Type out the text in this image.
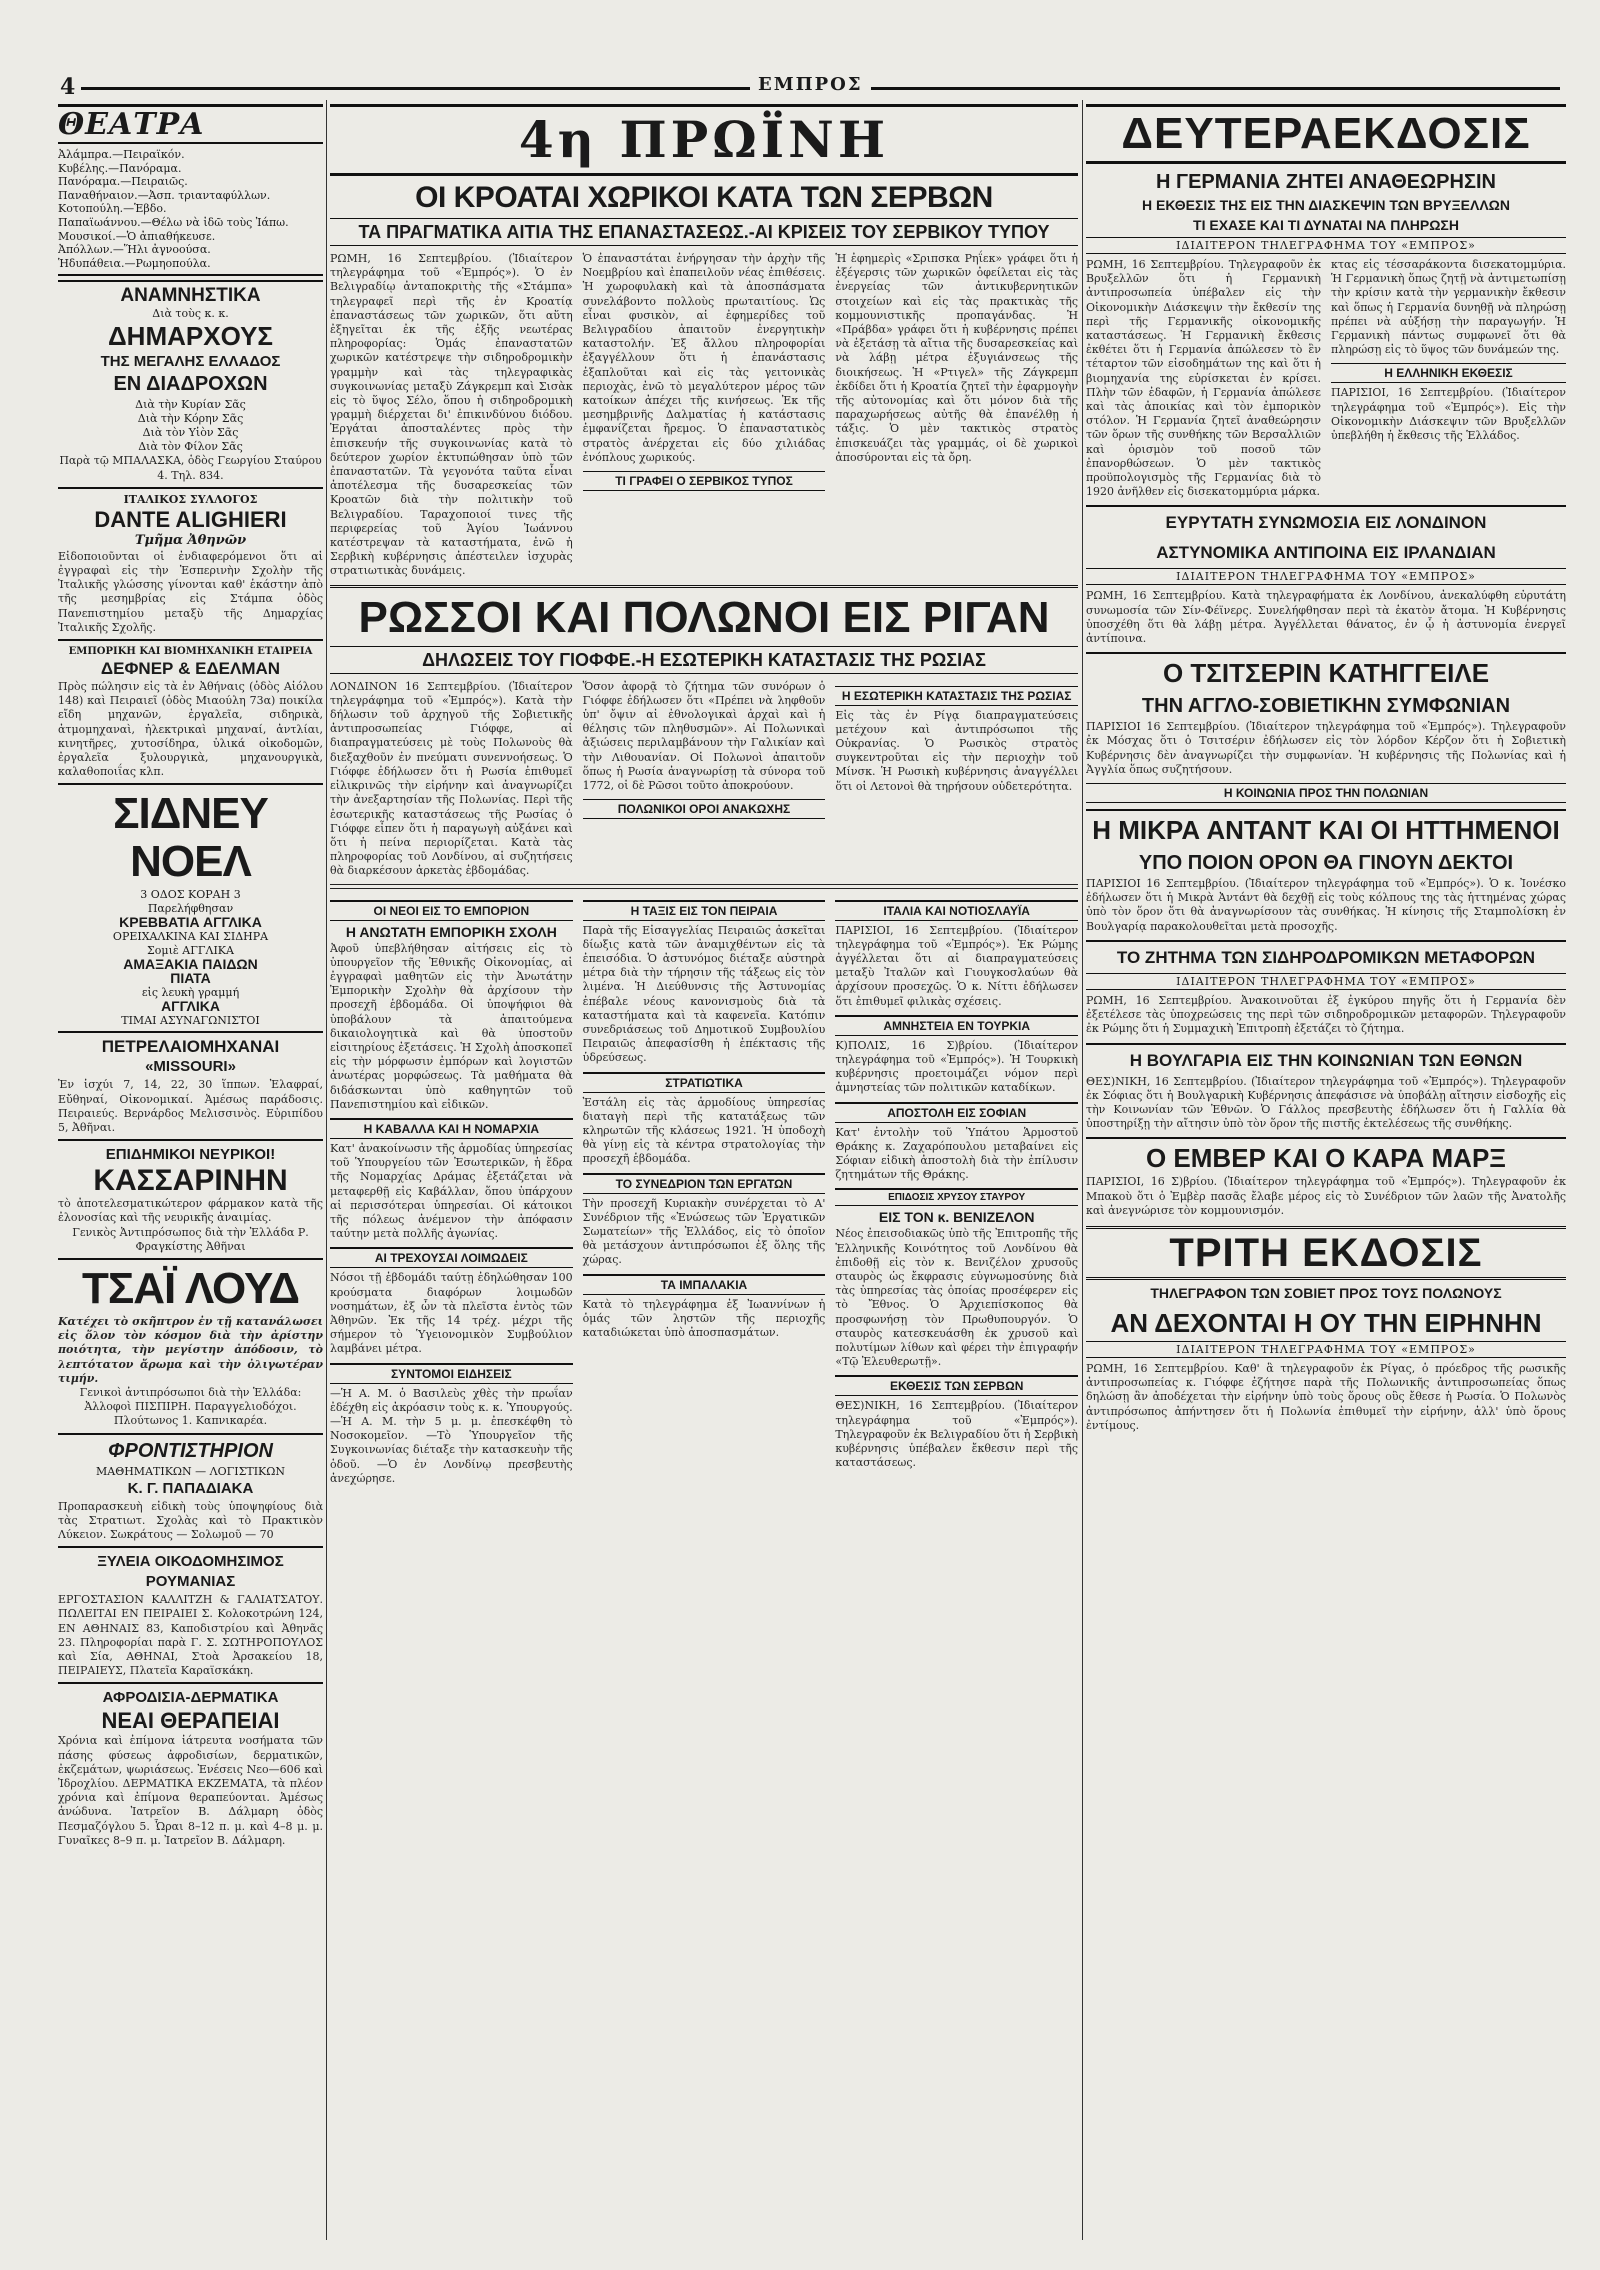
4	ΕΜΠΡΟΣ
ΘΕΑΤΡΑ
Ἀλάμπρα.—Πειραϊκόν.
Κυβέλης.—Πανόραμα.
Πανόραμα.—Πειραιῶς.
Παναθήναιον.—Ἀσπ. τριανταφύλλων.
Κοτοπούλη.—Ἑβδο.
Παπαϊωάννου.—Θέλω νὰ ἰδῶ τοὺς Ἰάπω.
Μουσικοί.—Ὁ ἀπιαθήκευσε.
Ἀπόλλων.—Ἥλι ἀγνοούσα.
Ἡδυπάθεια.—Ρωμηοπούλα.
ΑΝΑΜΝΗΣΤΙΚΑ
Διὰ τοὺς κ. κ.
ΔΗΜΑΡΧΟΥΣ
ΤΗΣ ΜΕΓΑΛΗΣ ΕΛΛΑΔΟΣ
ΕΝ ΔΙΑΔΡΟΧΩΝ
Διὰ τὴν Κυρίαν Σᾶς
Διὰ τὴν Κόρην Σᾶς
Διὰ τὸν Υἱὸν Σᾶς
Διὰ τὸν Φίλον Σᾶς

Παρὰ τῷ ΜΠΑΛΑΣΚΑ, ὁδὸς Γεωργίου Σταύρου 4. Τηλ. 834.

ΙΤΑΛΙΚΟΣ ΣΥΛΛΟΓΟΣ
DANTE ALIGHIERI
Τμῆμα Ἀθηνῶν

Εἰδοποιοῦνται οἱ ἐνδιαφερόμενοι ὅτι αἱ ἐγγραφαὶ εἰς τὴν Ἑσπερινὴν Σχολὴν τῆς Ἰταλικῆς γλώσσης γίνονται καθ' ἑκάστην ἀπὸ τῆς μεσημβρίας εἰς Στάμπα ὁδὸς Πανεπιστημίου μεταξὺ τῆς Δημαρχίας Ἰταλικῆς Σχολῆς.

ΕΜΠΟΡΙΚΗ ΚΑΙ ΒΙΟΜΗΧΑΝΙΚΗ ΕΤΑΙΡΕΙΑ
ΔΕΦΝΕΡ & ΕΔΕΛΜΑΝ

Πρὸς πώλησιν εἰς τὰ ἐν Ἀθήναις (ὁδὸς Αἰόλου 148) καὶ Πειραιεῖ (ὁδὸς Μιαούλη 73α) ποικίλα εἴδη μηχανῶν, ἐργαλεῖα, σιδηρικὰ, ἀτμομηχαναὶ, ἠλεκτρικαὶ μηχαναί, ἀντλίαι, κινητῆρες, χυτοσίδηρα, ὑλικά οἰκοδομῶν, ἐργαλεῖα ξυλουργικὰ, μηχανουργικὰ, καλαθοποιΐας κλπ.

ΣΙΔΝΕΥ ΝΟΕΛ
3 ΟΔΟΣ ΚΟΡΑΗ 3
Παρελήφθησαν
ΚΡΕΒΒΑΤΙΑ ΑΓΓΛΙΚΑ
ΟΡΕΙΧΑΛΚΙΝΑ ΚΑΙ ΣΙΔΗΡΑ
Σομιὲ ΑΓΓΛΙΚΑ
ΑΜΑΞΑΚΙΑ ΠΑΙΔΩΝ
ΠΙΑΤΑ
εἰς λευκὴ γραμμή
ΑΓΓΛΙΚΑ
ΤΙΜΑΙ ΑΣΥΝΑΓΩΝΙΣΤΟΙ
ΠΕΤΡΕΛΑΙΟΜΗΧΑΝΑΙ
«MISSOURI»

Ἐν ἰσχύι 7, 14, 22, 30 ἵππων. Ἐλαφραί, Εὔθηναί, Οἰκονομικαί. Ἀμέσως παράδοσις. Πειραιεύς. Βερνάρδος Μελισσινὸς. Εὐριπίδου 5, Ἀθῆναι.

ΕΠΙΔΗΜΙΚΟΙ ΝΕΥΡΙΚΟΙ!
ΚΑΣΣΑΡΙΝΗΝ

τὸ ἀποτελεσματικώτερον φάρμακον κατὰ τῆς ἐλονοσίας καὶ τῆς νευρικῆς ἀναιμίας.

Γενικὸς Ἀντιπρόσωπος διὰ τὴν Ἑλλάδα Ρ. Φραγκίστης Ἀθῆναι

ΤΣΑΪ ΛΟΥΔ

Κατέχει τὸ σκῆπτρον ἐν τῇ κατανάλωσει εἰς ὅλον τὸν κόσμον διὰ τὴν ἀρίστην ποιότητα, τὴν μεγίστην ἀπόδοσιν, τὸ λεπτότατον ἄρωμα καὶ τὴν ὀλιγωτέραν τιμήν.

Γενικοὶ ἀντιπρόσωποι διὰ τὴν Ἑλλάδα: Ἀλλοφοὶ ΠΙΣΠΙΡΗ. Παραγγελιοδόχοι. Πλούτωνος 1. Καπνικαρέα.

ΦΡΟΝΤΙΣΤΗΡΙΟΝ
ΜΑΘΗΜΑΤΙΚΩΝ — ΛΟΓΙΣΤΙΚΩΝ
Κ. Γ. ΠΑΠΑΔΙΑΚΑ

Προπαρασκευὴ εἰδικὴ τοὺς ὑποψηφίους διὰ τὰς Στρατιωτ. Σχολὰς καὶ τὸ Πρακτικὸν Λύκειον. Σωκράτους — Σολωμοῦ — 70

ΞΥΛΕΙΑ ΟΙΚΟΔΟΜΗΣΙΜΟΣ
ΡΟΥΜΑΝΙΑΣ

ΕΡΓΟΣΤΑΣΙΟΝ ΚΑΛΛΙΤΖΗ & ΓΑΛΙΑΤΣΑΤΟΥ. ΠΩΛΕΙΤΑΙ ΕΝ ΠΕΙΡΑΙΕΙ Σ. Κολοκοτρώνη 124, ΕΝ ΑΘΗΝΑΙΣ 83, Καποδιστρίου καὶ Ἀθηνᾶς 23. Πληροφορίαι παρὰ Γ. Σ. ΣΩΤΗΡΟΠΟΥΛΟΣ καὶ Σία, ΑΘΗΝΑΙ, Στοὰ Ἀρσακείου 18, ΠΕΙΡΑΙΕΥΣ, Πλατεῖα Καραϊσκάκη.

ΑΦΡΟΔΙΣΙΑ-ΔΕΡΜΑΤΙΚΑ
ΝΕΑΙ ΘΕΡΑΠΕΙΑΙ

Χρόνια καὶ ἐπίμονα ἰάτρευτα νοσήματα τῶν πάσης φύσεως ἀφροδισίων, δερματικῶν, ἐκζεμάτων, ψωριάσεως. Ἐνέσεις Νεο—606 καὶ Ἰδροχλίου. ΔΕΡΜΑΤΙΚΑ ΕΚΖΕΜΑΤΑ, τὰ πλέον χρόνια καὶ ἐπίμονα θεραπεύονται. Ἀμέσως ἀνώδυνα. Ἰατρεῖον Β. Δάλμαρη ὁδὸς Πεσμαζόγλου 5. Ὧραι 8–12 π. μ. καὶ 4–8 μ. μ. Γυναῖκες 8–9 π. μ. Ἰατρεῖον Β. Δάλμαρη.

4η ΠΡΩΪΝΗ
ΟΙ ΚΡΟΑΤΑΙ ΧΩΡΙΚΟΙ ΚΑΤΑ ΤΩΝ ΣΕΡΒΩΝ
ΤΑ ΠΡΑΓΜΑΤΙΚΑ ΑΙΤΙΑ ΤΗΣ ΕΠΑΝΑΣΤΑΣΕΩΣ.-ΑΙ ΚΡΙΣΕΙΣ ΤΟΥ ΣΕΡΒΙΚΟΥ ΤΥΠΟΥ

ΡΩΜΗ, 16 Σεπτεμβρίου. (Ἰδιαίτερον τηλεγράφημα τοῦ «Ἐμπρός»). Ὁ ἐν Βελιγραδίῳ ἀνταποκριτὴς τῆς «Στάμπα» τηλεγραφεῖ περὶ τῆς ἐν Κροατίᾳ ἐπαναστάσεως τῶν χωρικῶν, ὅτι αὕτη ἐξηγεῖται ἐκ τῆς ἐξῆς νεωτέρας πληροφορίας: Ὁμάς ἐπαναστατῶν χωρικῶν κατέστρεψε τὴν σιδηροδρομικὴν γραμμὴν καὶ τὰς τηλεγραφικὰς συγκοινωνίας μεταξὺ Ζάγκρεμπ καὶ Σισὰκ εἰς τὸ ὕψος Σέλο, ὅπου ἡ σιδηροδρομικὴ γραμμὴ διέρχεται δι' ἐπικινδύνου διόδου. Ἐργάται ἀποσταλέντες πρὸς τὴν ἐπισκευήν τῆς συγκοινωνίας κατὰ τὸ δεύτερον χωρίον ἐκτυπώθησαν ὑπὸ τῶν ἐπαναστατῶν. Τὰ γεγονότα ταῦτα εἶναι ἀποτέλεσμα τῆς δυσαρεσκείας τῶν Κροατῶν διὰ τὴν πολιτικὴν τοῦ Βελιγραδίου. Ταραχοποιοί τινες τῆς περιφερείας τοῦ Ἁγίου Ἰωάννου κατέστρεψαν τὰ καταστήματα, ἐνῶ ἡ Σερβικὴ κυβέρνησις ἀπέστειλεν ἰσχυρὰς στρατιωτικὰς δυνάμεις.

Ὁ ἐπαναστάται ἐνήργησαν τὴν ἀρχὴν τῆς Νοεμβρίου καὶ ἐπαπειλοῦν νέας ἐπιθέσεις. Ἡ χωροφυλακὴ καὶ τὰ ἀποσπάσματα συνελάβοντο πολλοὺς πρωταιτίους. Ὡς εἶναι φυσικὸν, αἱ ἐφημερίδες τοῦ Βελιγραδίου ἀπαιτοῦν ἐνεργητικὴν καταστολήν. Ἐξ ἄλλου πληροφορίαι ἐξαγγέλλουν ὅτι ἡ ἐπανάστασις ἐξαπλοῦται καὶ εἰς τὰς γειτονικὰς περιοχὰς, ἐνῶ τὸ μεγαλύτερον μέρος τῶν κατοίκων ἀπέχει τῆς κινήσεως. Ἐκ τῆς μεσημβρινῆς Δαλματίας ἡ κατάστασις ἐμφανίζεται ἤρεμος. Ὁ ἐπαναστατικὸς στρατὸς ἀνέρχεται εἰς δύο χιλιάδας ἐνόπλους χωρικούς.

ΤΙ ΓΡΑΦΕΙ Ο ΣΕΡΒΙΚΟΣ ΤΥΠΟΣ

Ἡ ἐφημερὶς «Σριπσκα Ρηΐεκ» γράφει ὅτι ἡ ἐξέγερσις τῶν χωρικῶν ὀφείλεται εἰς τὰς ἐνεργείας τῶν ἀντικυβερνητικῶν στοιχείων καὶ εἰς τὰς πρακτικὰς τῆς κομμουνιστικῆς προπαγάνδας. Ἡ «Πράβδα» γράφει ὅτι ἡ κυβέρνησις πρέπει νὰ ἐξετάσῃ τὰ αἴτια τῆς δυσαρεσκείας καὶ νὰ λάβῃ μέτρα ἐξυγιάνσεως τῆς διοικήσεως. Ἡ «Ρτιγελ» τῆς Ζάγκρεμπ ἐκδίδει ὅτι ἡ Κροατία ζητεῖ τὴν ἐφαρμογὴν τῆς αὐτονομίας καὶ ὅτι μόνον διὰ τῆς παραχωρήσεως αὐτῆς θὰ ἐπανέλθῃ ἡ τάξις. Ὁ μὲν τακτικὸς στρατὸς ἐπισκευάζει τὰς γραμμάς, οἱ δὲ χωρικοὶ ἀποσύρονται εἰς τὰ ὄρη.

ΡΩΣΣΟΙ ΚΑΙ ΠΟΛΩΝΟΙ ΕΙΣ ΡΙΓΑΝ
ΔΗΛΩΣΕΙΣ ΤΟΥ ΓΙΟΦΦΕ.-Η ΕΣΩΤΕΡΙΚΗ ΚΑΤΑΣΤΑΣΙΣ ΤΗΣ ΡΩΣΙΑΣ

ΛΟΝΔΙΝΟΝ 16 Σεπτεμβρίου. (Ἰδιαίτερον τηλεγράφημα τοῦ «Ἐμπρός»). Κατὰ τὴν δήλωσιν τοῦ ἀρχηγοῦ τῆς Σοβιετικῆς ἀντιπροσωπείας Γιόφφε, αἱ διαπραγματεύσεις μὲ τοὺς Πολωνοὺς θὰ διεξαχθοῦν ἐν πνεύματι συνεννοήσεως. Ὁ Γιόφφε ἐδήλωσεν ὅτι ἡ Ρωσία ἐπιθυμεῖ εἰλικρινῶς τὴν εἰρήνην καὶ ἀναγνωρίζει τὴν ἀνεξαρτησίαν τῆς Πολωνίας. Περὶ τῆς ἐσωτερικῆς καταστάσεως τῆς Ρωσίας ὁ Γιόφφε εἶπεν ὅτι ἡ παραγωγὴ αὐξάνει καὶ ὅτι ἡ πείνα περιορίζεται. Κατὰ τὰς πληροφορίας τοῦ Λονδίνου, αἱ συζητήσεις θὰ διαρκέσουν ἀρκετὰς ἑβδομάδας.

Ὅσον ἀφορᾷ τὸ ζήτημα τῶν συνόρων ὁ Γιόφφε ἐδήλωσεν ὅτι «Πρέπει νὰ ληφθοῦν ὑπ' ὄψιν αἱ ἐθνολογικαὶ ἀρχαὶ καὶ ἡ θέλησις τῶν πληθυσμῶν». Αἱ Πολωνικαὶ ἀξιώσεις περιλαμβάνουν τὴν Γαλικίαν καὶ τὴν Λιθουανίαν. Οἱ Πολωνοὶ ἀπαιτοῦν ὅπως ἡ Ρωσία ἀναγνωρίσῃ τὰ σύνορα τοῦ 1772, οἱ δὲ Ρῶσοι τοῦτο ἀποκρούουν.

ΠΟΛΩΝΙΚΟΙ ΟΡΟΙ ΑΝΑΚΩΧΗΣ
Η ΕΣΩΤΕΡΙΚΗ ΚΑΤΑΣΤΑΣΙΣ ΤΗΣ ΡΩΣΙΑΣ

Εἰς τὰς ἐν Ρίγᾳ διαπραγματεύσεις μετέχουν καὶ ἀντιπρόσωποι τῆς Οὐκρανίας. Ὁ Ρωσικὸς στρατὸς συγκεντροῦται εἰς τὴν περιοχὴν τοῦ Μίνσκ. Ἡ Ρωσικὴ κυβέρνησις ἀναγγέλλει ὅτι οἱ Λετονοὶ θὰ τηρήσουν οὐδετερότητα.

ΟΙ ΝΕΟΙ ΕΙΣ ΤΟ ΕΜΠΟΡΙΟΝ
Η ΑΝΩΤΑΤΗ ΕΜΠΟΡΙΚΗ ΣΧΟΛΗ

Ἀφοῦ ὑπεβλήθησαν αἰτήσεις εἰς τὸ ὑπουργεῖον τῆς Ἐθνικῆς Οἰκονομίας, αἱ ἐγγραφαὶ μαθητῶν εἰς τὴν Ἀνωτάτην Ἐμπορικὴν Σχολὴν θὰ ἀρχίσουν τὴν προσεχῆ ἑβδομάδα. Οἱ ὑποψήφιοι θὰ ὑποβάλουν τὰ ἀπαιτούμενα δικαιολογητικὰ καὶ θὰ ὑποστοῦν εἰσιτηρίους ἐξετάσεις. Ἡ Σχολὴ ἀποσκοπεῖ εἰς τὴν μόρφωσιν ἐμπόρων καὶ λογιστῶν ἀνωτέρας μορφώσεως. Τὰ μαθήματα θὰ διδάσκωνται ὑπὸ καθηγητῶν τοῦ Πανεπιστημίου καὶ εἰδικῶν.

Η ΚΑΒΑΛΛΑ ΚΑΙ Η ΝΟΜΑΡΧΙΑ

Κατ' ἀνακοίνωσιν τῆς ἁρμοδίας ὑπηρεσίας τοῦ Ὑπουργείου τῶν Ἐσωτερικῶν, ἡ ἕδρα τῆς Νομαρχίας Δράμας ἐξετάζεται νὰ μεταφερθῇ εἰς Καβάλλαν, ὅπου ὑπάρχουν αἱ περισσότεραι ὑπηρεσίαι. Οἱ κάτοικοι τῆς πόλεως ἀνέμενον τὴν ἀπόφασιν ταύτην μετὰ πολλῆς ἀγωνίας.

ΑΙ ΤΡΕΧΟΥΣΑΙ ΛΟΙΜΩΔΕΙΣ

Νόσοι τῇ ἑβδομάδι ταύτῃ ἐδηλώθησαν 100 κρούσματα διαφόρων λοιμωδῶν νοσημάτων, ἐξ ὧν τὰ πλεῖστα ἐντὸς τῶν Ἀθηνῶν. Ἐκ τῆς 14 τρέχ. μέχρι τῆς σήμερον τὸ Ὑγειονομικὸν Συμβούλιον λαμβάνει μέτρα.

ΣΥΝΤΟΜΟΙ ΕΙΔΗΣΕΙΣ

—Ἡ Α. Μ. ὁ Βασιλεὺς χθὲς τὴν πρωΐαν ἐδέχθη εἰς ἀκρόασιν τοὺς κ. κ. Ὑπουργούς. —Ἡ Α. Μ. τὴν 5 μ. μ. ἐπεσκέφθη τὸ Νοσοκομεῖον. —Τὸ Ὑπουργεῖον τῆς Συγκοινωνίας διέταξε τὴν κατασκευὴν τῆς ὁδοῦ. —Ὁ ἐν Λονδίνῳ πρεσβευτὴς ἀνεχώρησε.

Η ΤΑΞΙΣ ΕΙΣ ΤΟΝ ΠΕΙΡΑΙΑ

Παρὰ τῆς Εἰσαγγελίας Πειραιῶς ἀσκεῖται δίωξις κατὰ τῶν ἀναμιχθέντων εἰς τὰ ἐπεισόδια. Ὁ ἀστυνόμος διέταξε αὐστηρὰ μέτρα διὰ τὴν τήρησιν τῆς τάξεως εἰς τὸν λιμένα. Ἡ Διεύθυνσις τῆς Ἀστυνομίας ἐπέβαλε νέους κανονισμοὺς διὰ τὰ καταστήματα καὶ τὰ καφενεῖα. Κατόπιν συνεδριάσεως τοῦ Δημοτικοῦ Συμβουλίου Πειραιῶς ἀπεφασίσθη ἡ ἐπέκτασις τῆς ὑδρεύσεως.

ΣΤΡΑΤΙΩΤΙΚΑ

Ἐστάλη εἰς τὰς ἁρμοδίους ὑπηρεσίας διαταγὴ περὶ τῆς κατατάξεως τῶν κληρωτῶν τῆς κλάσεως 1921. Ἡ ὑποδοχὴ θὰ γίνῃ εἰς τὰ κέντρα στρατολογίας τὴν προσεχῆ ἑβδομάδα.

ΤΟ ΣΥΝΕΔΡΙΟΝ ΤΩΝ ΕΡΓΑΤΩΝ

Τὴν προσεχῆ Κυριακὴν συνέρχεται τὸ Α' Συνέδριον τῆς «Ἑνώσεως τῶν Ἐργατικῶν Σωματείων» τῆς Ἑλλάδος, εἰς τὸ ὁποῖον θὰ μετάσχουν ἀντιπρόσωποι ἐξ ὅλης τῆς χώρας.

ΤΑ ΙΜΠΑΛΑΚΙΑ

Κατὰ τὸ τηλεγράφημα ἐξ Ἰωαννίνων ἡ ὁμάς τῶν ληστῶν τῆς περιοχῆς καταδιώκεται ὑπὸ ἀποσπασμάτων.

ΙΤΑΛΙΑ ΚΑΙ ΝΟΤΙΟΣΛΑΥΪΑ

ΠΑΡΙΣΙΟΙ, 16 Σεπτεμβρίου. (Ἰδιαίτερον τηλεγράφημα τοῦ «Ἐμπρός»). Ἐκ Ρώμης ἀγγέλλεται ὅτι αἱ διαπραγματεύσεις μεταξὺ Ἰταλῶν καὶ Γιουγκοσλαύων θὰ ἀρχίσουν προσεχῶς. Ὁ κ. Νίττι ἐδήλωσεν ὅτι ἐπιθυμεῖ φιλικὰς σχέσεις.

ΑΜΝΗΣΤΕΙΑ ΕΝ ΤΟΥΡΚΙΑ

Κ)ΠΟΛΙΣ, 16 Σ)βρίου. (Ἰδιαίτερον τηλεγράφημα τοῦ «Ἐμπρός»). Ἡ Τουρκικὴ κυβέρνησις προετοιμάζει νόμον περὶ ἀμνηστείας τῶν πολιτικῶν καταδίκων.

ΑΠΟΣΤΟΛΗ ΕΙΣ ΣΟΦΙΑΝ

Κατ' ἐντολὴν τοῦ Ὑπάτου Ἁρμοστοῦ Θράκης κ. Ζαχαρόπουλου μεταβαίνει εἰς Σόφιαν εἰδικὴ ἀποστολὴ διὰ τὴν ἐπίλυσιν ζητημάτων τῆς Θράκης.

ΕΠΙΔΟΣΙΣ ΧΡΥΣΟΥ ΣΤΑΥΡΟΥ
ΕΙΣ ΤΟΝ κ. ΒΕΝΙΖΕΛΟΝ

Νέος ἐπεισοδιακῶς ὑπὸ τῆς Ἐπιτροπῆς τῆς Ἑλληνικῆς Κοινότητος τοῦ Λονδίνου θὰ ἐπιδοθῇ εἰς τὸν κ. Βενιζέλον χρυσοῦς σταυρὸς ὡς ἔκφρασις εὐγνωμοσύνης διὰ τὰς ὑπηρεσίας τὰς ὁποίας προσέφερεν εἰς τὸ Ἔθνος. Ὁ Ἀρχιεπίσκοπος θὰ προσφωνήσῃ τὸν Πρωθυπουργόν. Ὁ σταυρὸς κατεσκευάσθη ἐκ χρυσοῦ καὶ πολυτίμων λίθων καὶ φέρει τὴν ἐπιγραφήν «Τῷ Ἐλευθερωτῇ».

ΕΚΘΕΣΙΣ ΤΩΝ ΣΕΡΒΩΝ

ΘΕΣ)ΝΙΚΗ, 16 Σεπτεμβρίου. (Ἰδιαίτερον τηλεγράφημα τοῦ «Ἐμπρός»). Τηλεγραφοῦν ἐκ Βελιγραδίου ὅτι ἡ Σερβικὴ κυβέρνησις ὑπέβαλεν ἔκθεσιν περὶ τῆς καταστάσεως.

ΔΕΥΤΕΡΑΕΚΔΟΣΙΣ
Η ΓΕΡΜΑΝΙΑ ΖΗΤΕΙ ΑΝΑΘΕΩΡΗΣΙΝ
Η ΕΚΘΕΣΙΣ ΤΗΣ ΕΙΣ ΤΗΝ ΔΙΑΣΚΕΨΙΝ ΤΩΝ ΒΡΥΞΕΛΛΩΝ
ΤΙ ΕΧΑΣΕ ΚΑΙ ΤΙ ΔΥΝΑΤΑΙ ΝΑ ΠΛΗΡΩΣΗ
ΙΔΙΑΙΤΕΡΟΝ ΤΗΛΕΓΡΑΦΗΜΑ ΤΟΥ «ΕΜΠΡΟΣ»

ΡΩΜΗ, 16 Σεπτεμβρίου. Τηλεγραφοῦν ἐκ Βρυξελλῶν ὅτι ἡ Γερμανικὴ ἀντιπροσωπεία ὑπέβαλεν εἰς τὴν Οἰκονομικὴν Διάσκεψιν τὴν ἔκθεσίν της περὶ τῆς Γερμανικῆς οἰκονομικῆς καταστάσεως. Ἡ Γερμανικὴ ἔκθεσις ἐκθέτει ὅτι ἡ Γερμανία ἀπώλεσεν τὸ ἓν τέταρτον τῶν εἰσοδημάτων της καὶ ὅτι ἡ βιομηχανία της εὑρίσκεται ἐν κρίσει. Πλὴν τῶν ἐδαφῶν, ἡ Γερμανία ἀπώλεσε καὶ τὰς ἀποικίας καὶ τὸν ἐμπορικὸν στόλον. Ἡ Γερμανία ζητεῖ ἀναθεώρησιν τῶν ὅρων τῆς συνθήκης τῶν Βερσαλλιῶν καὶ ὁρισμὸν τοῦ ποσοῦ τῶν ἐπανορθώσεων. Ὁ μὲν τακτικὸς προϋπολογισμὸς τῆς Γερμανίας διὰ τὸ 1920 ἀνῆλθεν εἰς δισεκατομμύρια μάρκα.

κτας εἰς τέσσαράκοντα δισεκατομμύρια. Ἡ Γερμανικὴ ὅπως ζητῇ νὰ ἀντιμετωπίσῃ τὴν κρίσιν κατὰ τὴν γερμανικὴν ἔκθεσιν καὶ ὅπως ἡ Γερμανία δυνηθῇ νὰ πληρώσῃ πρέπει νὰ αὐξήσῃ τὴν παραγωγήν. Ἡ Γερμανικὴ πάντως συμφωνεῖ ὅτι θὰ πληρώσῃ εἰς τὸ ὕψος τῶν δυνάμεών της.

Η ΕΛΛΗΝΙΚΗ ΕΚΘΕΣΙΣ

ΠΑΡΙΣΙΟΙ, 16 Σεπτεμβρίου. (Ἰδιαίτερον τηλεγράφημα τοῦ «Ἐμπρός»). Εἰς τὴν Οἰκονομικὴν Διάσκεψιν τῶν Βρυξελλῶν ὑπεβλήθη ἡ ἔκθεσις τῆς Ἑλλάδος.

ΕΥΡΥΤΑΤΗ ΣΥΝΩΜΟΣΙΑ ΕΙΣ ΛΟΝΔΙΝΟΝ
ΑΣΤΥΝΟΜΙΚΑ ΑΝΤΙΠΟΙΝΑ ΕΙΣ ΙΡΛΑΝΔΙΑΝ
ΙΔΙΑΙΤΕΡΟΝ ΤΗΛΕΓΡΑΦΗΜΑ ΤΟΥ «ΕΜΠΡΟΣ»

ΡΩΜΗ, 16 Σεπτεμβρίου. Κατὰ τηλεγραφήματα ἐκ Λονδίνου, ἀνεκαλύφθη εὐρυτάτη συνωμοσία τῶν Σίν-Φέϊνερς. Συνελήφθησαν περὶ τὰ ἑκατὸν ἄτομα. Ἡ Κυβέρνησις ὑποσχέθη ὅτι θὰ λάβῃ μέτρα. Ἀγγέλλεται θάνατος, ἐν ᾧ ἡ ἀστυνομία ἐνεργεῖ ἀντίποινα.

Ο ΤΣΙΤΣΕΡΙΝ ΚΑΤΗΓΓΕΙΛΕ
ΤΗΝ ΑΓΓΛΟ-ΣΟΒΙΕΤΙΚΗΝ ΣΥΜΦΩΝΙΑΝ

ΠΑΡΙΣΙΟΙ 16 Σεπτεμβρίου. (Ἰδιαίτερον τηλεγράφημα τοῦ «Ἐμπρός»). Τηλεγραφοῦν ἐκ Μόσχας ὅτι ὁ Τσιτσέριν ἐδήλωσεν εἰς τὸν λόρδον Κέρζον ὅτι ἡ Σοβιετικὴ Κυβέρνησις δὲν ἀναγνωρίζει τὴν συμφωνίαν. Ἡ κυβέρνησις τῆς Πολωνίας καὶ ἡ Ἀγγλία ὅπως συζητήσουν.

Η ΚΟΙΝΩΝΙΑ ΠΡΟΣ ΤΗΝ ΠΟΛΩΝΙΑΝ
Η ΜΙΚΡΑ ΑΝΤΑΝΤ ΚΑΙ ΟΙ ΗΤΤΗΜΕΝΟΙ
ΥΠΟ ΠΟΙΟΝ ΟΡΟΝ ΘΑ ΓΙΝΟΥΝ ΔΕΚΤΟΙ

ΠΑΡΙΣΙΟΙ 16 Σεπτεμβρίου. (Ἰδιαίτερον τηλεγράφημα τοῦ «Ἐμπρός»). Ὁ κ. Ἰονέσκο ἐδήλωσεν ὅτι ἡ Μικρὰ Ἀντάντ θὰ δεχθῇ εἰς τοὺς κόλπους της τὰς ἡττημένας χώρας ὑπὸ τὸν ὅρον ὅτι θὰ ἀναγνωρίσουν τὰς συνθήκας. Ἡ κίνησις τῆς Σταμπολίσκη ἐν Βουλγαρίᾳ παρακολουθεῖται μετὰ προσοχῆς.

ΤΟ ΖΗΤΗΜΑ ΤΩΝ ΣΙΔΗΡΟΔΡΟΜΙΚΩΝ ΜΕΤΑΦΟΡΩΝ
ΙΔΙΑΙΤΕΡΟΝ ΤΗΛΕΓΡΑΦΗΜΑ ΤΟΥ «ΕΜΠΡΟΣ»

ΡΩΜΗ, 16 Σεπτεμβρίου. Ἀνακοινοῦται ἐξ ἐγκύρου πηγῆς ὅτι ἡ Γερμανία δὲν ἐξετέλεσε τὰς ὑποχρεώσεις της περὶ τῶν σιδηροδρομικῶν μεταφορῶν. Τηλεγραφοῦν ἐκ Ρώμης ὅτι ἡ Συμμαχικὴ Ἐπιτροπὴ ἐξετάζει τὸ ζήτημα.

Η ΒΟΥΛΓΑΡΙΑ ΕΙΣ ΤΗΝ ΚΟΙΝΩΝΙΑΝ ΤΩΝ ΕΘΝΩΝ

ΘΕΣ)ΝΙΚΗ, 16 Σεπτεμβρίου. (Ἰδιαίτερον τηλεγράφημα τοῦ «Ἐμπρός»). Τηλεγραφοῦν ἐκ Σόφιας ὅτι ἡ Βουλγαρικὴ Κυβέρνησις ἀπεφάσισε νὰ ὑποβάλῃ αἴτησιν εἰσδοχῆς εἰς τὴν Κοινωνίαν τῶν Ἐθνῶν. Ὁ Γάλλος πρεσβευτὴς ἐδήλωσεν ὅτι ἡ Γαλλία θὰ ὑποστηρίξῃ τὴν αἴτησιν ὑπὸ τὸν ὅρον τῆς πιστῆς ἐκτελέσεως τῆς συνθήκης.

Ο ΕΜΒΕΡ ΚΑΙ Ο ΚΑΡΑ ΜΑΡΞ

ΠΑΡΙΣΙΟΙ, 16 Σ)βρίου. (Ἰδιαίτερον τηλεγράφημα τοῦ «Ἐμπρός»). Τηλεγραφοῦν ἐκ Μπακοὺ ὅτι ὁ Ἐμβὲρ πασᾶς ἔλαβε μέρος εἰς τὸ Συνέδριον τῶν λαῶν τῆς Ἀνατολῆς καὶ ἀνεγνώρισε τὸν κομμουνισμόν.

ΤΡΙΤΗ ΕΚΔΟΣΙΣ
ΤΗΛΕΓΡΑΦΟΝ ΤΩΝ ΣΟΒΙΕΤ ΠΡΟΣ ΤΟΥΣ ΠΟΛΩΝΟΥΣ
ΑΝ ΔΕΧΟΝΤΑΙ Η ΟΥ ΤΗΝ ΕΙΡΗΝΗΝ
ΙΔΙΑΙΤΕΡΟΝ ΤΗΛΕΓΡΑΦΗΜΑ ΤΟΥ «ΕΜΠΡΟΣ»

ΡΩΜΗ, 16 Σεπτεμβρίου. Καθ' ἃ τηλεγραφοῦν ἐκ Ρίγας, ὁ πρόεδρος τῆς ρωσικῆς ἀντιπροσωπείας κ. Γιόφφε ἐζήτησε παρὰ τῆς Πολωνικῆς ἀντιπροσωπείας ὅπως δηλώσῃ ἂν ἀποδέχεται τὴν εἰρήνην ὑπὸ τοὺς ὅρους οὓς ἔθεσε ἡ Ρωσία. Ὁ Πολωνὸς ἀντιπρόσωπος ἀπήντησεν ὅτι ἡ Πολωνία ἐπιθυμεῖ τὴν εἰρήνην, ἀλλ' ὑπὸ ὅρους ἐντίμους.
